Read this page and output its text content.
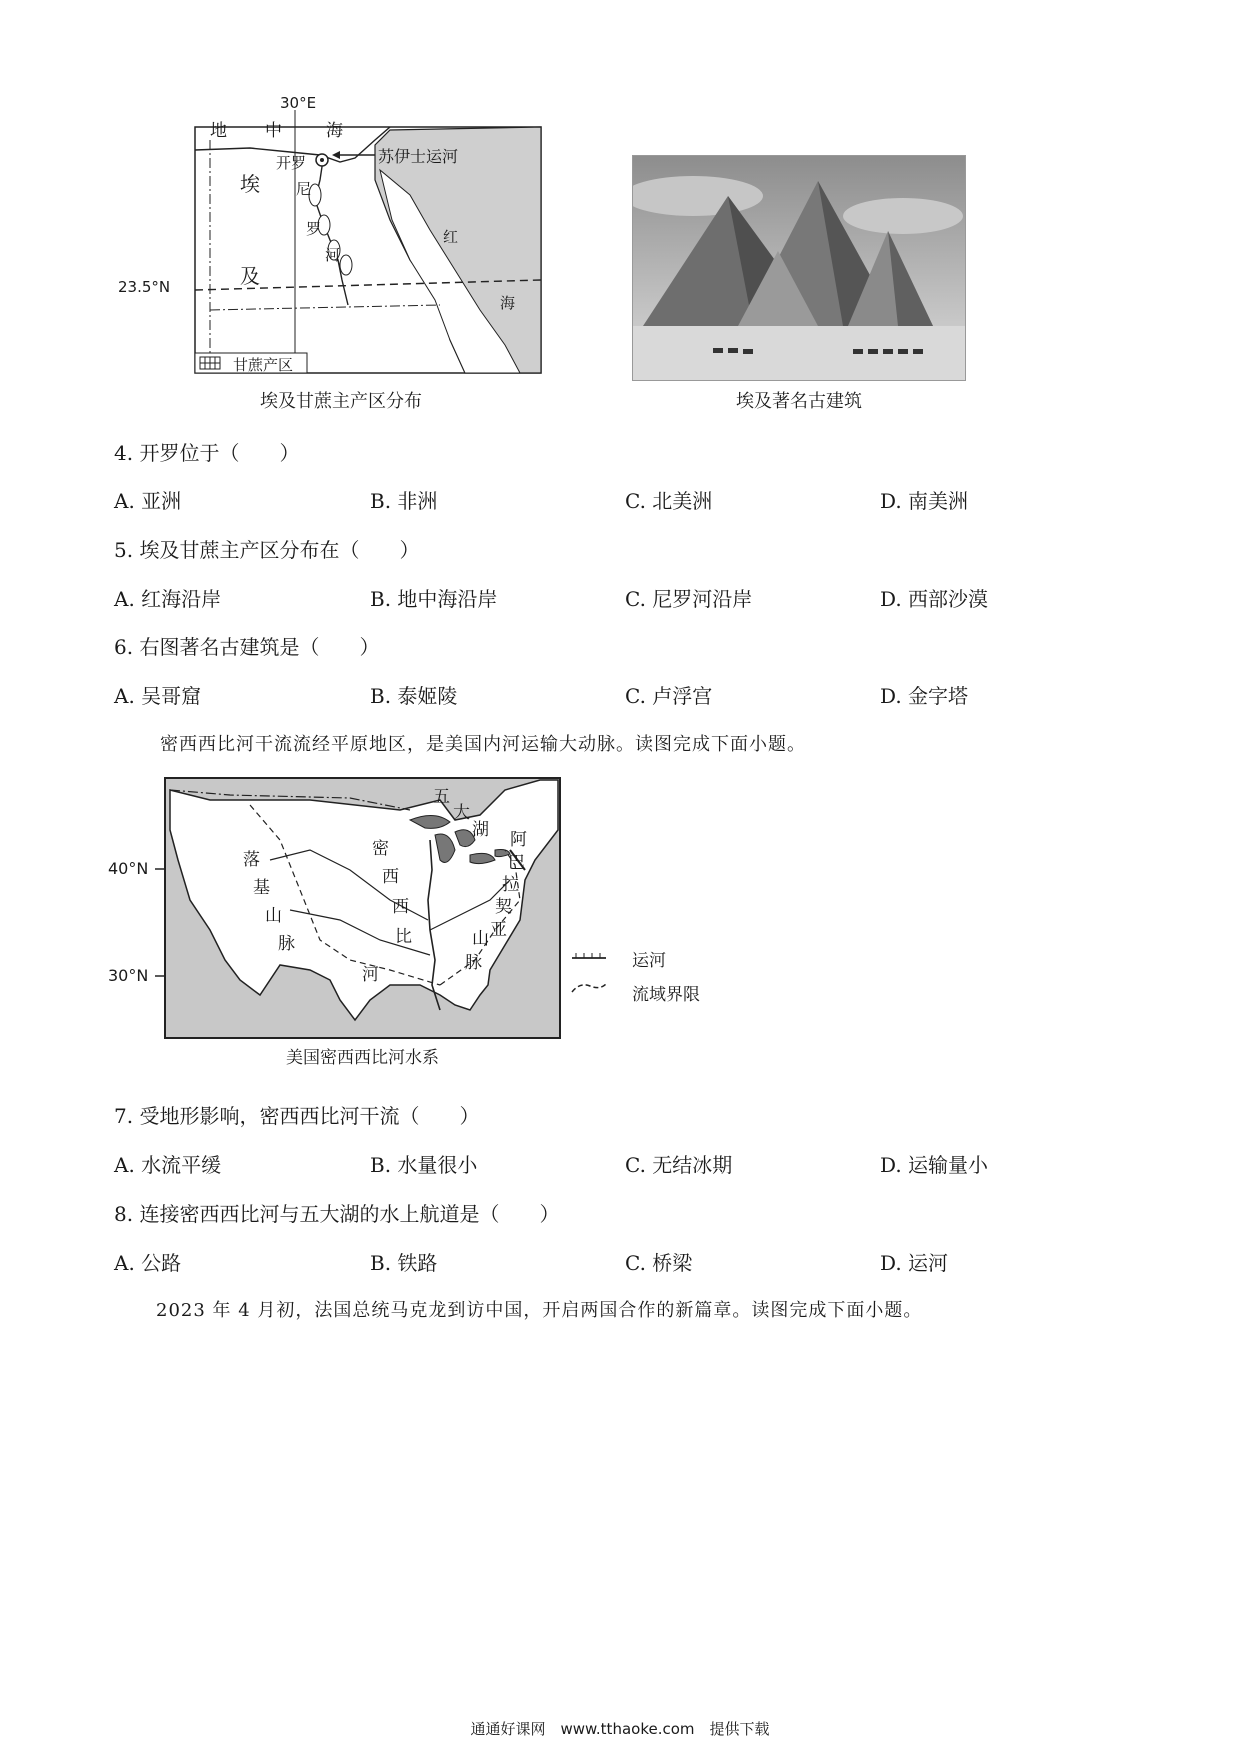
30°E
23.5°N
地 中	海
埃
及
开 罗
尼
罗
河
苏伊士运河
红
海
甘蔗产区
埃及甘蔗主产区分布	埃及著名古建筑
4. 开罗位于（　　）
A. 亚洲	B. 非洲	C. 北美洲	D. 南美洲
5. 埃及甘蔗主产区分布在（　　）
A. 红海沿岸	B. 地中海沿岸	C. 尼罗河沿岸	D. 西部沙漠
6. 右图著名古建筑是（　　）
A. 吴哥窟	B. 泰姬陵	C. 卢浮宫	D. 金字塔
密西西比河干流流经平原地区，是美国内河运输大动脉。读图完成下面小题。
40°N
30°N
五
大
湖 阿
巴
拉
契
亚
山
脉
落
基
山
脉
密
西
西
比
河
运河
流域界限
美国密西西比河水系
7. 受地形影响，密西西比河干流（　　）
A. 水流平缓	B. 水量很小	C. 无结冰期	D. 运输量小
8. 连接密西西比河与五大湖的水上航道是（　　）
A. 公路	B. 铁路	C. 桥梁	D. 运河
2023 年 4 月初，法国总统马克龙到访中国，开启两国合作的新篇章。读图完成下面小题。
通通好课网　www.tthaoke.com　提供下载
